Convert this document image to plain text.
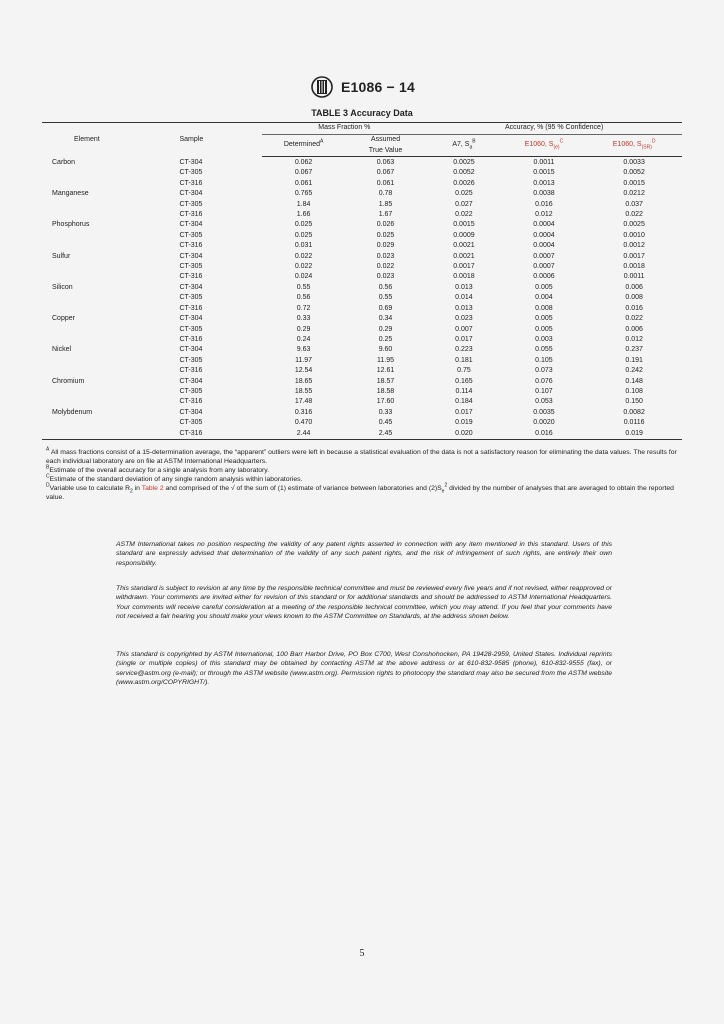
E1086 − 14
TABLE 3 Accuracy Data
Element	Sample	Mass Fraction %		Accuracy, % (95 % Confidence)		
		Determined$^A$	Assumed
True Value	A7, $S_a^B$	E1060, $S_{(e)}^C$	E1060, $S_{(SR)}^D$
Carbon	CT-304	0.062	0.063	0.0025	0.0011	0.0033
	CT-305	0.067	0.067	0.0052	0.0015	0.0052
	CT-316	0.061	0.061	0.0026	0.0013	0.0015
Manganese	CT-304	0.765	0.78	0.025	0.0038	0.0212
	CT-305	1.84	1.85	0.027	0.016	0.037
	CT-316	1.66	1.67	0.022	0.012	0.022
Phosphorus	CT-304	0.025	0.026	0.0015	0.0004	0.0025
	CT-305	0.025	0.025	0.0009	0.0004	0.0010
	CT-316	0.031	0.029	0.0021	0.0004	0.0012
Sulfur	CT-304	0.022	0.023	0.0021	0.0007	0.0017
	CT-305	0.022	0.022	0.0017	0.0007	0.0018
	CT-316	0.024	0.023	0.0018	0.0006	0.0011
Silicon	CT-304	0.55	0.56	0.013	0.005	0.006
	CT-305	0.56	0.55	0.014	0.004	0.008
	CT-316	0.72	0.69	0.013	0.008	0.016
Copper	CT-304	0.33	0.34	0.023	0.005	0.022
	CT-305	0.29	0.29	0.007	0.005	0.006
	CT-316	0.24	0.25	0.017	0.003	0.012
Nickel	CT-304	9.63	9.60	0.223	0.055	0.237
	CT-305	11.97	11.95	0.181	0.105	0.191
	CT-316	12.54	12.61	0.75	0.073	0.242
Chromium	CT-304	18.65	18.57	0.165	0.076	0.148
	CT-305	18.55	18.58	0.114	0.107	0.108
	CT-316	17.48	17.60	0.184	0.053	0.150
Molybdenum	CT-304	0.316	0.33	0.017	0.0035	0.0082
	CT-305	0.470	0.45	0.019	0.0020	0.0116
	CT-316	2.44	2.45	0.020	0.016	0.019

$^A$ All mass fractions consist of a 15-determination average, the “apparent” outliers were left in because a statistical evaluation of the data is not a satisfactory reason for eliminating the data values. The results for each individual laboratory are on file at ASTM International Headquarters.

$^B$Estimate of the overall accuracy for a single analysis from any laboratory.

$^C$Estimate of the standard deviation of any single random analysis within laboratories.

$^D$Variable use to calculate $R_2$ in Table 2 and comprised of the √ of the sum of (1) estimate of variance between laboratories and $(2)S_e^2$ divided by the number of analyses that are averaged to obtain the reported value.

ASTM International takes no position respecting the validity of any patent rights asserted in connection with any item mentioned in this standard. Users of this standard are expressly advised that determination of the validity of any such patent rights, and the risk of infringement of such rights, are entirely their own responsibility.
This standard is subject to revision at any time by the responsible technical committee and must be reviewed every five years and if not revised, either reapproved or withdrawn. Your comments are invited either for revision of this standard or for additional standards and should be addressed to ASTM International Headquarters. Your comments will receive careful consideration at a meeting of the responsible technical committee, which you may attend. If you feel that your comments have not received a fair hearing you should make your views known to the ASTM Committee on Standards, at the address shown below.
This standard is copyrighted by ASTM International, 100 Barr Harbor Drive, PO Box C700, West Conshohocken, PA 19428-2959, United States. Individual reprints (single or multiple copies) of this standard may be obtained by contacting ASTM at the above address or at 610-832-9585 (phone), 610-832-9555 (fax), or service@astm.org (e-mail); or through the ASTM website (www.astm.org). Permission rights to photocopy the standard may also be secured from the ASTM website (www.astm.org/COPYRIGHT/).
5
